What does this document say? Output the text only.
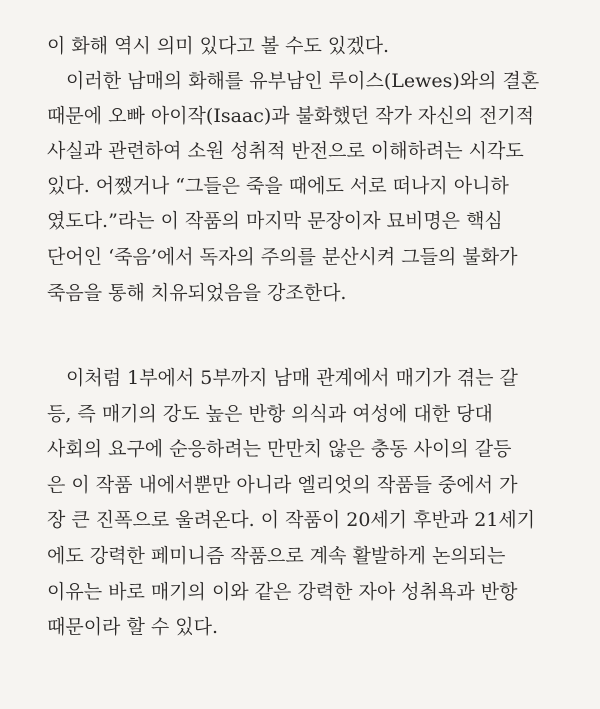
이 화해 역시 의미 있다고 볼 수도 있겠다.
이러한 남매의 화해를 유부남인 루이스(Lewes)와의 결혼
때문에 오빠 아이작(Isaac)과 불화했던 작가 자신의 전기적
사실과 관련하여 소원 성취적 반전으로 이해하려는 시각도
있다. 어쨌거나 “그들은 죽을 때에도 서로 떠나지 아니하
였도다.”라는 이 작품의 마지막 문장이자 묘비명은 핵심
단어인 ‘죽음’에서 독자의 주의를 분산시켜 그들의 불화가
죽음을 통해 치유되었음을 강조한다.
이처럼 1부에서 5부까지 남매 관계에서 매기가 겪는 갈
등, 즉 매기의 강도 높은 반항 의식과 여성에 대한 당대
사회의 요구에 순응하려는 만만치 않은 충동 사이의 갈등
은 이 작품 내에서뿐만 아니라 엘리엇의 작품들 중에서 가
장 큰 진폭으로 울려온다. 이 작품이 20세기 후반과 21세기
에도 강력한 페미니즘 작품으로 계속 활발하게 논의되는
이유는 바로 매기의 이와 같은 강력한 자아 성취욕과 반항
때문이라 할 수 있다.
